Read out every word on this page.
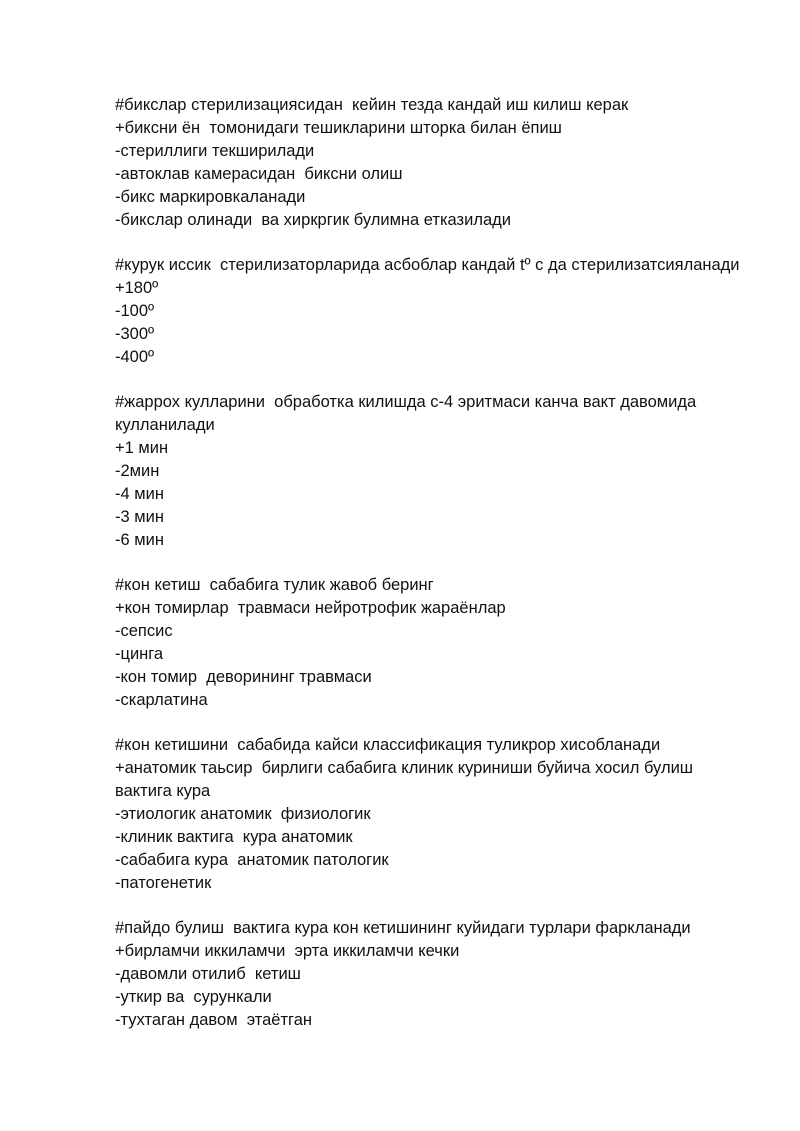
#бикслар стерилизациясидан  кейин тезда кандай иш килиш керак
+биксни ён  томонидаги тешикларини шторка билан ёпиш
-стериллиги текширилади
-автоклав камерасидан  биксни олиш
-бикс маркировкаланади
-бикслар олинади  ва хиркргик булимна етказилади
#курук иссик  стерилизаторларида асбоблар кандай tº с да стерилизатсияланади
+180º
-100º
-300º
-400º
#жаррох кулларини  обработка килишда с-4 эритмаси канча вакт давомида кулланилади
+1 мин
-2мин
-4 мин
-3 мин
-6 мин
#кон кетиш  сабабига тулик жавоб беринг
+кон томирлар  травмаси нейротрофик жараёнлар
-сепсис
-цинга
-кон томир  деворининг травмаси
-скарлатина
#кон кетишини  сабабида кайси классификация туликрор хисобланади
+анатомик таьсир  бирлиги сабабига клиник куриниши буйича хосил булиш вактига кура
-этиологик анатомик  физиологик
-клиник вактига  кура анатомик
-сабабига кура  анатомик патологик
-патогенетик
#пайдо булиш  вактига кура кон кетишининг куйидаги турлари фаркланади
+бирламчи иккиламчи  эрта иккиламчи кечки
-давомли отилиб  кетиш
-уткир ва  сурункали
-тухтаган давом  этаётган
